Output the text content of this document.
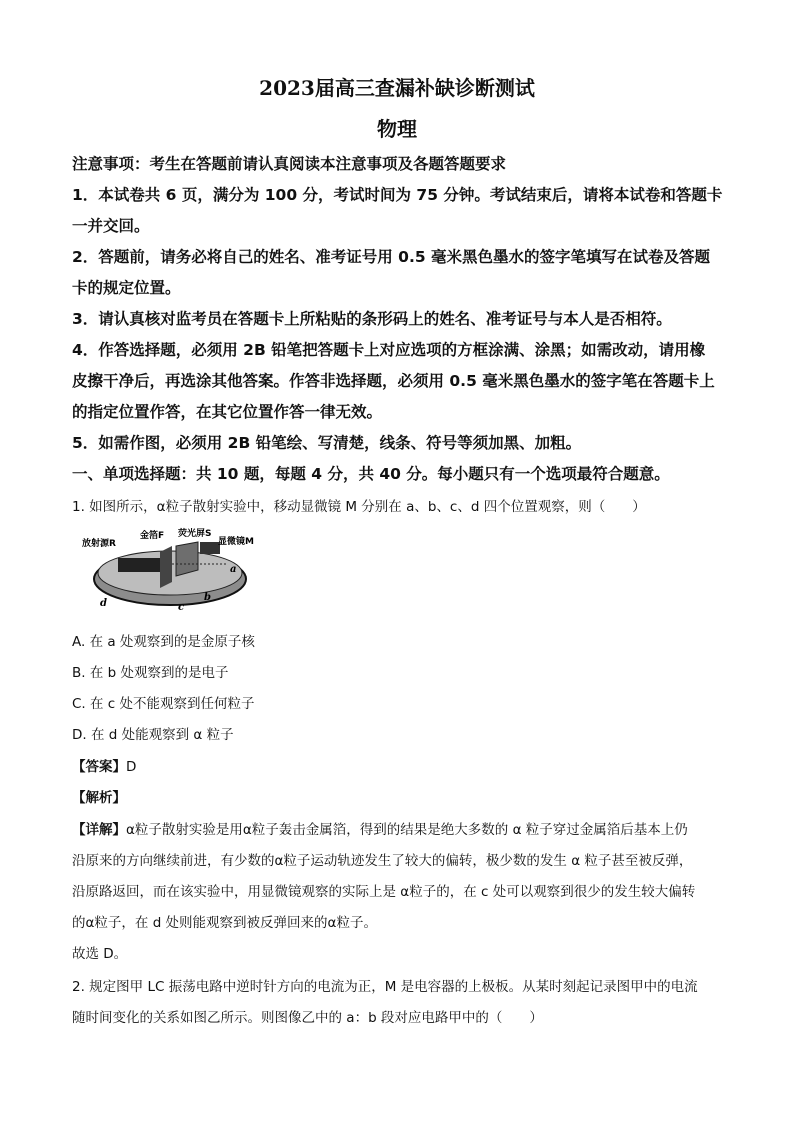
2023届高三查漏补缺诊断测试
物理
注意事项：考生在答题前请认真阅读本注意事项及各题答题要求
1．本试卷共 6 页，满分为 100 分，考试时间为 75 分钟。考试结束后，请将本试卷和答题卡
一并交回。
2．答题前，请务必将自己的姓名、准考证号用 0.5 毫米黑色墨水的签字笔填写在试卷及答题
卡的规定位置。
3．请认真核对监考员在答题卡上所粘贴的条形码上的姓名、准考证号与本人是否相符。
4．作答选择题，必须用 2B 铅笔把答题卡上对应选项的方框涂满、涂黑；如需改动，请用橡
皮擦干净后，再选涂其他答案。作答非选择题，必须用 0.5 毫米黑色墨水的签字笔在答题卡上
的指定位置作答，在其它位置作答一律无效。
5．如需作图，必须用 2B 铅笔绘、写清楚，线条、符号等须加黑、加粗。
一、单项选择题：共 10 题，每题 4 分，共 40 分。每小题只有一个选项最符合题意。
1. 如图所示，α粒子散射实验中，移动显微镜 M 分别在 a、b、c、d 四个位置观察，则（　　）
放射源R
金箔F 荧光屏S
显微镜M
a
b
c
d
A. 在 a 处观察到的是金原子核
B. 在 b 处观察到的是电子
C. 在 c 处不能观察到任何粒子
D. 在 d 处能观察到 α 粒子
【答案】D
【解析】
【详解】α粒子散射实验是用α粒子轰击金属箔，得到的结果是绝大多数的 α 粒子穿过金属箔后基本上仍
沿原来的方向继续前进，有少数的α粒子运动轨迹发生了较大的偏转，极少数的发生 α 粒子甚至被反弹，
沿原路返回，而在该实验中，用显微镜观察的实际上是 α粒子的，在 c 处可以观察到很少的发生较大偏转
的α粒子，在 d 处则能观察到被反弹回来的α粒子。
故选 D。
2. 规定图甲 LC 振荡电路中逆时针方向的电流为正，M 是电容器的上极板。从某时刻起记录图甲中的电流
随时间变化的关系如图乙所示。则图像乙中的 a：b 段对应电路甲中的（　　）
